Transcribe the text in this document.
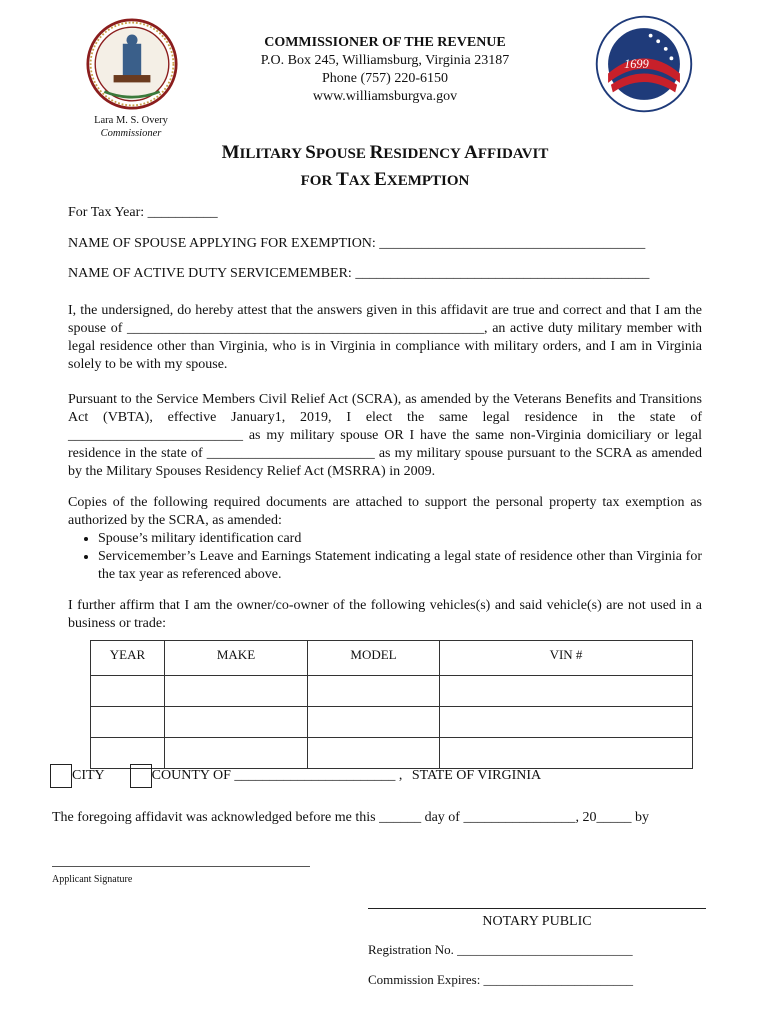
1699
COMMISSIONER OF THE REVENUE
P.O. Box 245, Williamsburg, Virginia 23187
Phone (757) 220-6150
www.williamsburgva.gov
Lara M. S. Overy
Commissioner
MILITARY SPOUSE RESIDENCY AFFIDAVIT
FOR TAX EXEMPTION
For Tax Year: __________
NAME OF SPOUSE APPLYING FOR EXEMPTION: ______________________________________
NAME OF ACTIVE DUTY SERVICEMEMBER: __________________________________________
I, the undersigned, do hereby attest that the answers given in this affidavit are true and correct and that I am the spouse of ___________________________________________________, an active duty military member with legal residence other than Virginia, who is in Virginia in compliance with military orders, and I am in Virginia solely to be with my spouse.
Pursuant to the Service Members Civil Relief Act (SCRA), as amended by the Veterans Benefits and Transitions Act (VBTA), effective January1, 2019, I elect the same legal residence in the state of _________________________ as my military spouse OR I have the same non-Virginia domiciliary or legal residence in the state of ________________________ as my military spouse pursuant to the SCRA as amended by the Military Spouses Residency Relief Act (MSRRA) in 2009.
Copies of the following required documents are attached to support the personal property tax exemption as authorized by the SCRA, as amended:
• Spouse’s military identification card
• Servicemember’s Leave and Earnings Statement indicating a legal state of residence other than Virginia for the tax year as referenced above.
I further affirm that I am the owner/co-owner of the following vehicles(s) and said vehicle(s) are not used in a business or trade:
YEAR	MAKE	MODEL	VIN #

CITY	COUNTY OF _______________________ , STATE OF VIRGINIA
The foregoing affidavit was acknowledged before me this ______ day of ________________, 20_____ by
Applicant Signature
NOTARY PUBLIC
Registration No. ___________________________
Commission Expires: _______________________
